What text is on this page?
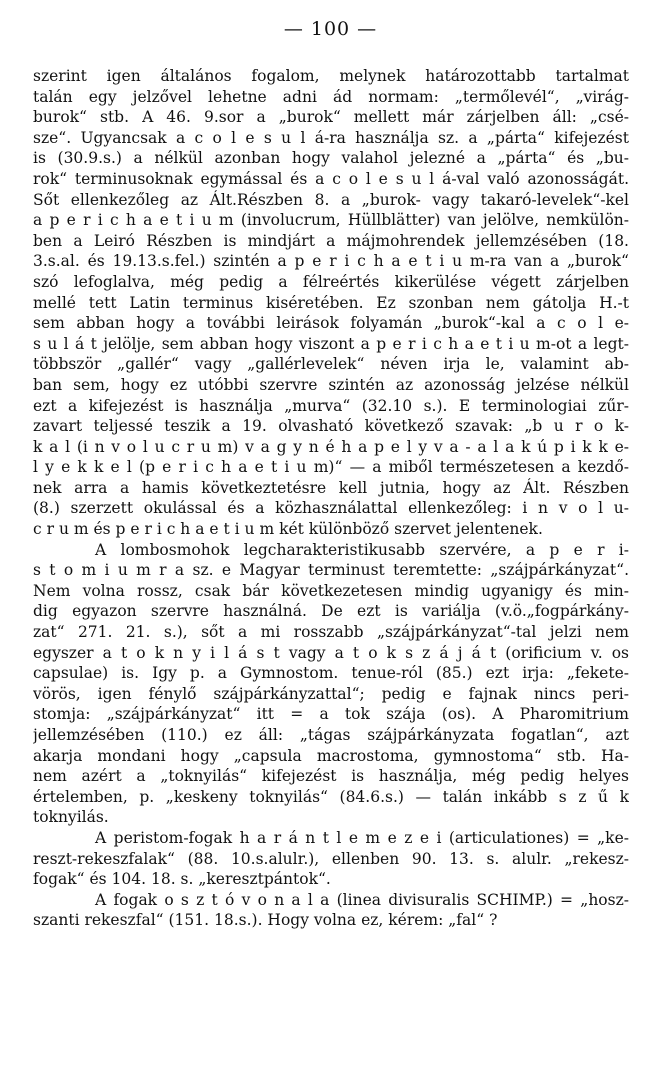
— 100 —
szerint igen általános fogalom, melynek határozottabb tartalmat
talán egy jelzővel lehetne adni ád normam: „termőlevél“, „virág-
burok“ stb. A 46. 9.sor a „burok“ mellett már zárjelben áll: „csé-
sze“. Ugyancsak a c o l e s u l á-ra használja sz. a „párta“ kifejezést
is (30.9.s.) a nélkül azonban hogy valahol jelezné a „párta“ és „bu-
rok“ terminusoknak egymással és a c o l e s u l á-val való azonosságát.
Sőt ellenkezőleg az Ált.Részben 8. a „burok- vagy takaró-levelek“-kel
a p e r i c h a e t i u m (involucrum, Hüllblätter) van jelölve, nemkülön-
ben a Leiró Részben is mindjárt a májmohrendek jellemzésében (18.
3.s.al. és 19.13.s.fel.) szintén a p e r i c h a e t i u m-ra van a „burok“
szó lefoglalva, még pedig a félreértés kikerülése végett zárjelben
mellé tett Latin terminus kiséretében. Ez szonban nem gátolja H.-t
sem abban hogy a további leirások folyamán „burok“-kal a c o l e-
s u l á t jelölje, sem abban hogy viszont a p e r i c h a e t i u m-ot a legt-
többször „gallér“ vagy „gallérlevelek“ néven irja le, valamint ab-
ban sem, hogy ez utóbbi szervre szintén az azonosság jelzése nélkül
ezt a kifejezést is használja „murva“ (32.10 s.). E terminologiai zűr-
zavart teljessé teszik a 19. olvasható következő szavak: „b u r o k-
k a l (i n v o l u c r u m) v a g y n é h a p e l y v a - a l a k ú p i k k e-
l y e k k e l (p e r i c h a e t i u m)“ — a miből természetesen a kezdő-
nek arra a hamis következtetésre kell jutnia, hogy az Ált. Részben
(8.) szerzett okulással és a közhasználattal ellenkezőleg: i n v o l u-
c r u m és p e r i c h a e t i u m két különböző szervet jelentenek.
A lombosmohok legcharakteristikusabb szervére, a p e r i-
s t o m i u m r a sz. e Magyar terminust teremtette: „szájpárkányzat“.
Nem volna rossz, csak bár következetesen mindig ugyanigy és min-
dig egyazon szervre használná. De ezt is variálja (v.ö.„fogpárkány-
zat“ 271. 21. s.), sőt a mi rosszabb „szájpárkányzat“-tal jelzi nem
egyszer a t o k n y i l á s t vagy a t o k s z á j á t (orificium v. os
capsulae) is. Igy p. a Gymnostom. tenue-ról (85.) ezt irja: „fekete-
vörös, igen fénylő szájpárkányzattal“; pedig e fajnak nincs peri-
stomja: „szájpárkányzat“ itt = a tok szája (os). A Pharomitrium
jellemzésében (110.) ez áll: „tágas szájpárkányzata fogatlan“, azt
akarja mondani hogy „capsula macrostoma, gymnostoma“ stb. Ha-
nem azért a „toknyilás“ kifejezést is használja, még pedig helyes
értelemben, p. „keskeny toknyilás“ (84.6.s.) — talán inkább s z ű k
toknyilás.
A peristom-fogak h a r á n t l e m e z e i (articulationes) = „ke-
reszt-rekeszfalak“ (88. 10.s.alulr.), ellenben 90. 13. s. alulr. „rekesz-
fogak“ és 104. 18. s. „keresztpántok“.
A fogak o s z t ó v o n a l a (linea divisuralis SCHIMP.) = „hosz-
szanti rekeszfal“ (151. 18.s.). Hogy volna ez, kérem: „fal“ ?
